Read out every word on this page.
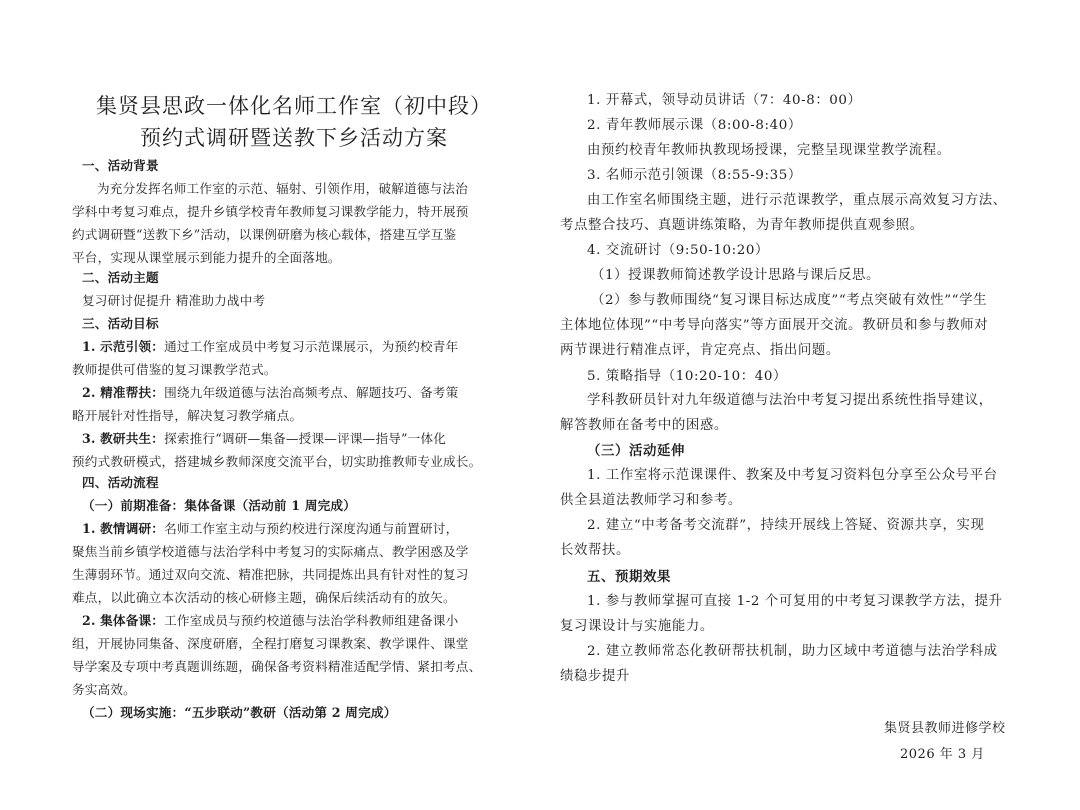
集贤县思政一体化名师工作室（初中段）
预约式调研暨送教下乡活动方案
一、活动背景
为充分发挥名师工作室的示范、辐射、引领作用，破解道德与法治
学科中考复习难点，提升乡镇学校青年教师复习课教学能力，特开展预
约式调研暨“送教下乡”活动，以课例研磨为核心载体，搭建互学互鉴
平台，实现从课堂展示到能力提升的全面落地。
二、活动主题
复习研讨促提升 精准助力战中考
三、活动目标
1. 示范引领：通过工作室成员中考复习示范课展示，为预约校青年
教师提供可借鉴的复习课教学范式。
2. 精准帮扶：围绕九年级道德与法治高频考点、解题技巧、备考策
略开展针对性指导，解决复习教学痛点。
3. 教研共生：探索推行“调研—集备—授课—评课—指导”一体化
预约式教研模式，搭建城乡教师深度交流平台，切实助推教师专业成长。
四、活动流程
（一）前期准备：集体备课（活动前 1 周完成）
1. 教情调研：名师工作室主动与预约校进行深度沟通与前置研讨，
聚焦当前乡镇学校道德与法治学科中考复习的实际痛点、教学困惑及学
生薄弱环节。通过双向交流、精准把脉，共同提炼出具有针对性的复习
难点，以此确立本次活动的核心研修主题，确保后续活动有的放矢。
2. 集体备课：工作室成员与预约校道德与法治学科教师组建备课小
组，开展协同集备、深度研磨，全程打磨复习课教案、教学课件、课堂
导学案及专项中考真题训练题，确保备考资料精准适配学情、紧扣考点、
务实高效。
（二）现场实施：“五步联动”教研（活动第 2 周完成）
1. 开幕式，领导动员讲话（7：40-8：00）
2. 青年教师展示课（8:00-8:40）
由预约校青年教师执教现场授课，完整呈现课堂教学流程。
3. 名师示范引领课（8:55-9:35）
由工作室名师围绕主题，进行示范课教学，重点展示高效复习方法、
考点整合技巧、真题讲练策略，为青年教师提供直观参照。
4. 交流研讨（9:50-10:20）
（1）授课教师简述教学设计思路与课后反思。
（2）参与教师围绕“复习课目标达成度”“考点突破有效性”“学生
主体地位体现”“中考导向落实”等方面展开交流。教研员和参与教师对
两节课进行精准点评，肯定亮点、指出问题。
5. 策略指导（10:20-10：40）
学科教研员针对九年级道德与法治中考复习提出系统性指导建议，
解答教师在备考中的困惑。
（三）活动延伸
1. 工作室将示范课课件、教案及中考复习资料包分享至公众号平台
供全县道法教师学习和参考。
2. 建立“中考备考交流群”，持续开展线上答疑、资源共享，实现
长效帮扶。
五、预期效果
1. 参与教师掌握可直接 1-2 个可复用的中考复习课教学方法，提升
复习课设计与实施能力。
2. 建立教师常态化教研帮扶机制，助力区域中考道德与法治学科成
绩稳步提升
集贤县教师进修学校
2026 年 3 月
